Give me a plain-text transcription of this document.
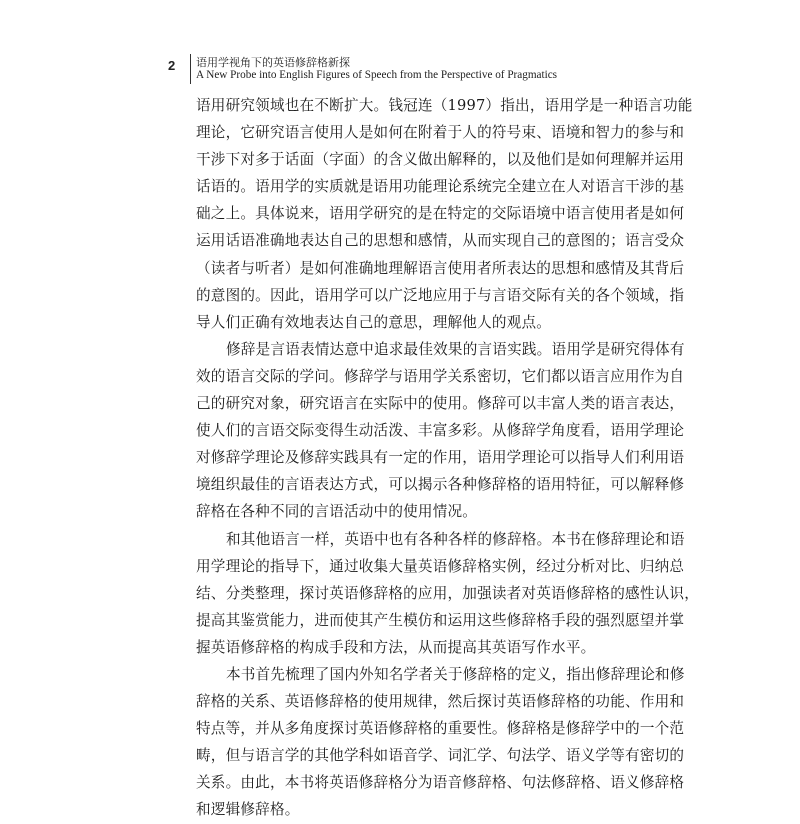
2	语用学视角下的英语修辞格新探
A New Probe into English Figures of Speech from the Perspective of Pragmatics
语用研究领域也在不断扩大。钱冠连（1997）指出，语用学是一种语言功能
理论，它研究语言使用人是如何在附着于人的符号束、语境和智力的参与和
干涉下对多于话面（字面）的含义做出解释的，以及他们是如何理解并运用
话语的。语用学的实质就是语用功能理论系统完全建立在人对语言干涉的基
础之上。具体说来，语用学研究的是在特定的交际语境中语言使用者是如何
运用话语准确地表达自己的思想和感情，从而实现自己的意图的；语言受众
（读者与听者）是如何准确地理解语言使用者所表达的思想和感情及其背后
的意图的。因此，语用学可以广泛地应用于与言语交际有关的各个领域，指
导人们正确有效地表达自己的意思，理解他人的观点。
修辞是言语表情达意中追求最佳效果的言语实践。语用学是研究得体有
效的语言交际的学问。修辞学与语用学关系密切，它们都以语言应用作为自
己的研究对象，研究语言在实际中的使用。修辞可以丰富人类的语言表达，
使人们的言语交际变得生动活泼、丰富多彩。从修辞学角度看，语用学理论
对修辞学理论及修辞实践具有一定的作用，语用学理论可以指导人们利用语
境组织最佳的言语表达方式，可以揭示各种修辞格的语用特征，可以解释修
辞格在各种不同的言语活动中的使用情况。
和其他语言一样，英语中也有各种各样的修辞格。本书在修辞理论和语
用学理论的指导下，通过收集大量英语修辞格实例，经过分析对比、归纳总
结、分类整理，探讨英语修辞格的应用，加强读者对英语修辞格的感性认识，
提高其鉴赏能力，进而使其产生模仿和运用这些修辞格手段的强烈愿望并掌
握英语修辞格的构成手段和方法，从而提高其英语写作水平。
本书首先梳理了国内外知名学者关于修辞格的定义，指出修辞理论和修
辞格的关系、英语修辞格的使用规律，然后探讨英语修辞格的功能、作用和
特点等，并从多角度探讨英语修辞格的重要性。修辞格是修辞学中的一个范
畴，但与语言学的其他学科如语音学、词汇学、句法学、语义学等有密切的
关系。由此，本书将英语修辞格分为语音修辞格、句法修辞格、语义修辞格
和逻辑修辞格。
